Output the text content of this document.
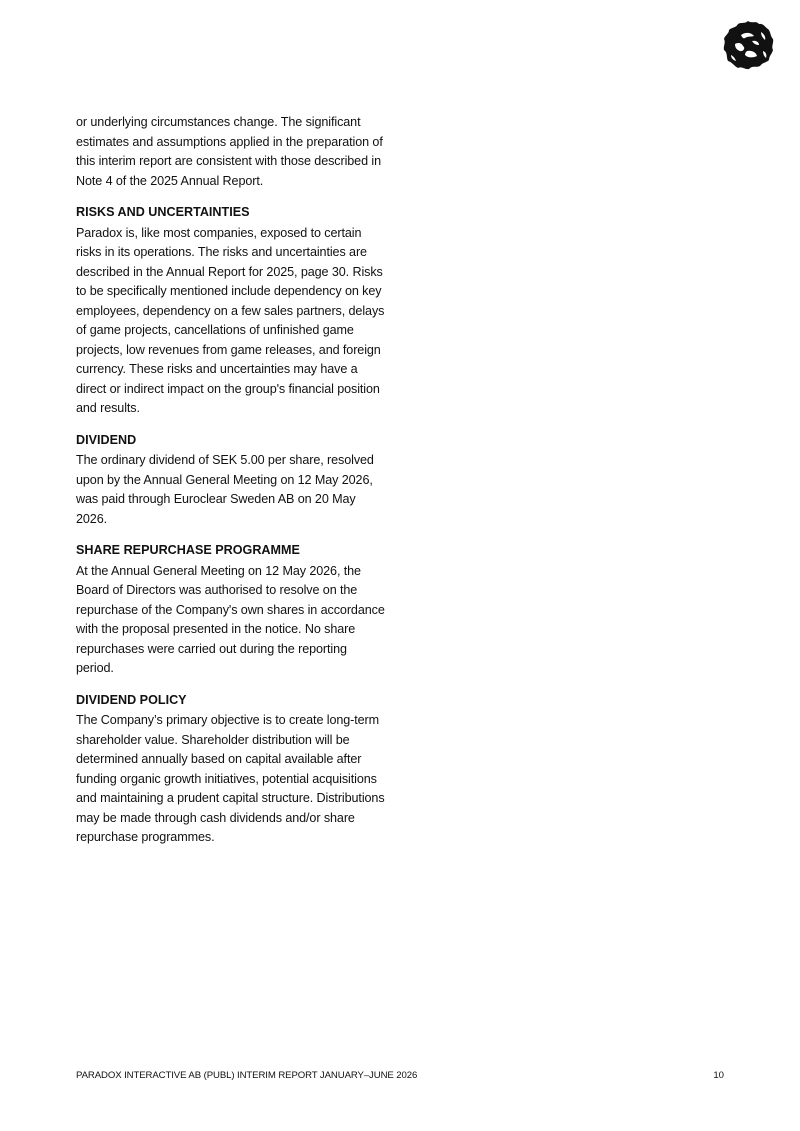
or underlying circumstances change. The significant estimates and assumptions applied in the preparation of this interim report are consistent with those described in Note 4 of the 2025 Annual Report.

RISKS AND UNCERTAINTIES

Paradox is, like most companies, exposed to certain risks in its operations. The risks and uncertainties are described in the Annual Report for 2025, page 30. Risks to be specifically mentioned include dependency on key employees, dependency on a few sales partners, delays of game projects, cancellations of unfinished game projects, low revenues from game releases, and foreign currency. These risks and uncertainties may have a direct or indirect impact on the group's financial position and results.

DIVIDEND

The ordinary dividend of SEK 5.00 per share, resolved upon by the Annual General Meeting on 12 May 2026, was paid through Euroclear Sweden AB on 20 May 2026.

SHARE REPURCHASE PROGRAMME

At the Annual General Meeting on 12 May 2026, the Board of Directors was authorised to resolve on the repurchase of the Company's own shares in accordance with the proposal presented in the notice. No share repurchases were carried out during the reporting period.

DIVIDEND POLICY

The Company’s primary objective is to create long-term shareholder value. Shareholder distribution will be determined annually based on capital available after funding organic growth initiatives, potential acquisitions and maintaining a prudent capital structure. Distributions may be made through cash dividends and/or share repurchase programmes.

PARADOX INTERACTIVE AB (PUBL) INTERIM REPORT JANUARY–JUNE 2026	10
